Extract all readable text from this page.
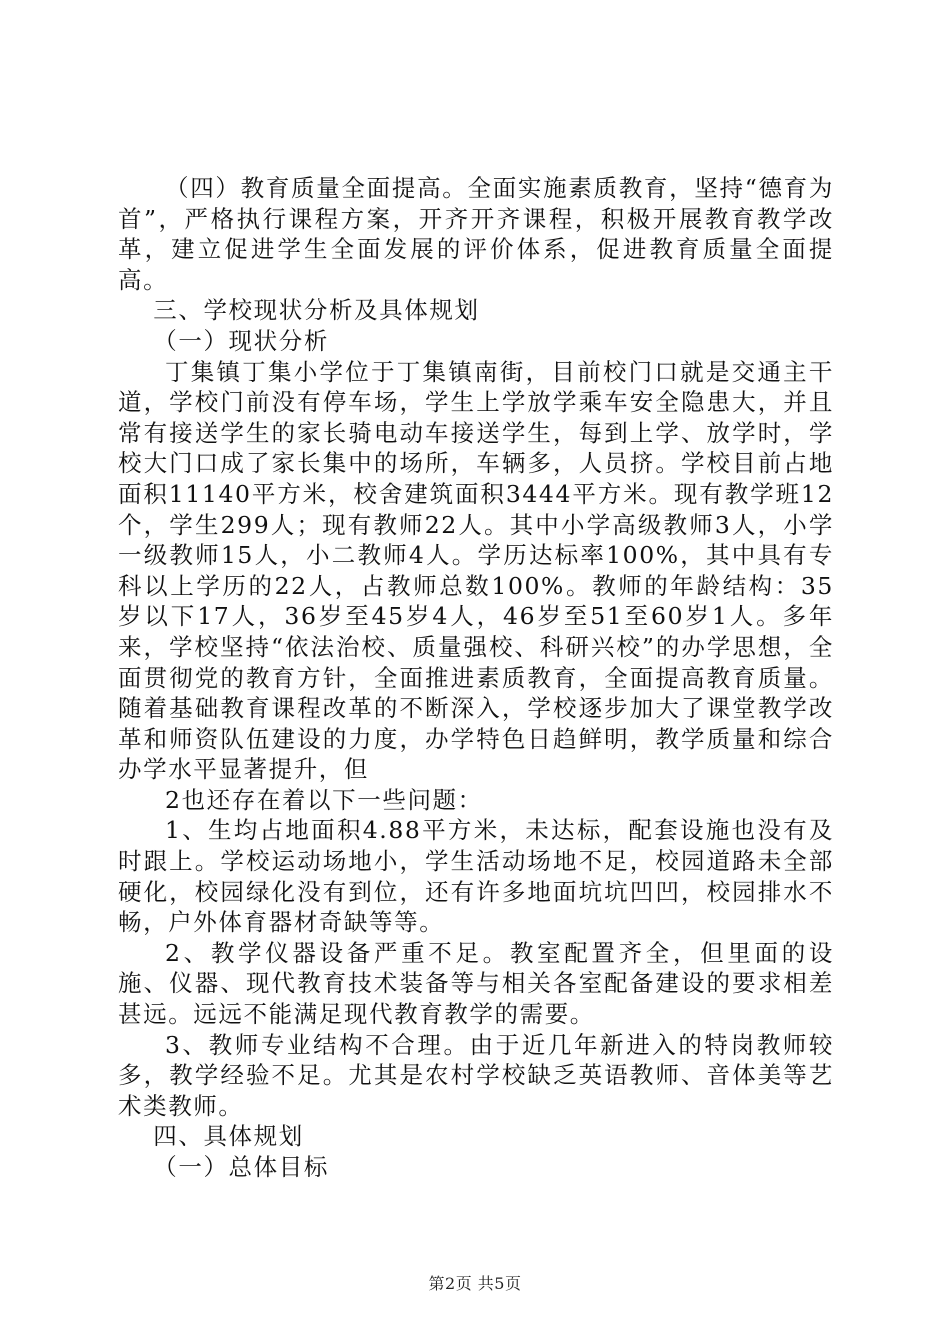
（四）教育质量全面提高。全面实施素质教育，坚持“德育为首”，严格执行课程方案，开齐开齐课程，积极开展教育教学改革，建立促进学生全面发展的评价体系，促进教育质量全面提高。

三、学校现状分析及具体规划

（一）现状分析

丁集镇丁集小学位于丁集镇南街，目前校门口就是交通主干道，学校门前没有停车场，学生上学放学乘车安全隐患大，并且常有接送学生的家长骑电动车接送学生，每到上学、放学时，学校大门口成了家长集中的场所，车辆多，人员挤。学校目前占地面积11140平方米，校舍建筑面积3444平方米。现有教学班12个，学生299人；现有教师22人。其中小学高级教师3人，小学一级教师15人，小二教师4人。学历达标率100%，其中具有专科以上学历的22人，占教师总数100%。教师的年龄结构：35岁以下17人，36岁至45岁4人，46岁至51至60岁1人。多年来，学校坚持“依法治校、质量强校、科研兴校”的办学思想，全面贯彻党的教育方针，全面推进素质教育，全面提高教育质量。随着基础教育课程改革的不断深入，学校逐步加大了课堂教学改革和师资队伍建设的力度，办学特色日趋鲜明，教学质量和综合办学水平显著提升，但

2也还存在着以下一些问题：

1、生均占地面积4.88平方米，未达标，配套设施也没有及时跟上。学校运动场地小，学生活动场地不足，校园道路未全部硬化，校园绿化没有到位，还有许多地面坑坑凹凹，校园排水不畅，户外体育器材奇缺等等。

2、教学仪器设备严重不足。教室配置齐全，但里面的设施、仪器、现代教育技术装备等与相关各室配备建设的要求相差甚远。远远不能满足现代教育教学的需要。

3、教师专业结构不合理。由于近几年新进入的特岗教师较多，教学经验不足。尤其是农村学校缺乏英语教师、音体美等艺术类教师。

四、具体规划

（一）总体目标

第2页 共5页
